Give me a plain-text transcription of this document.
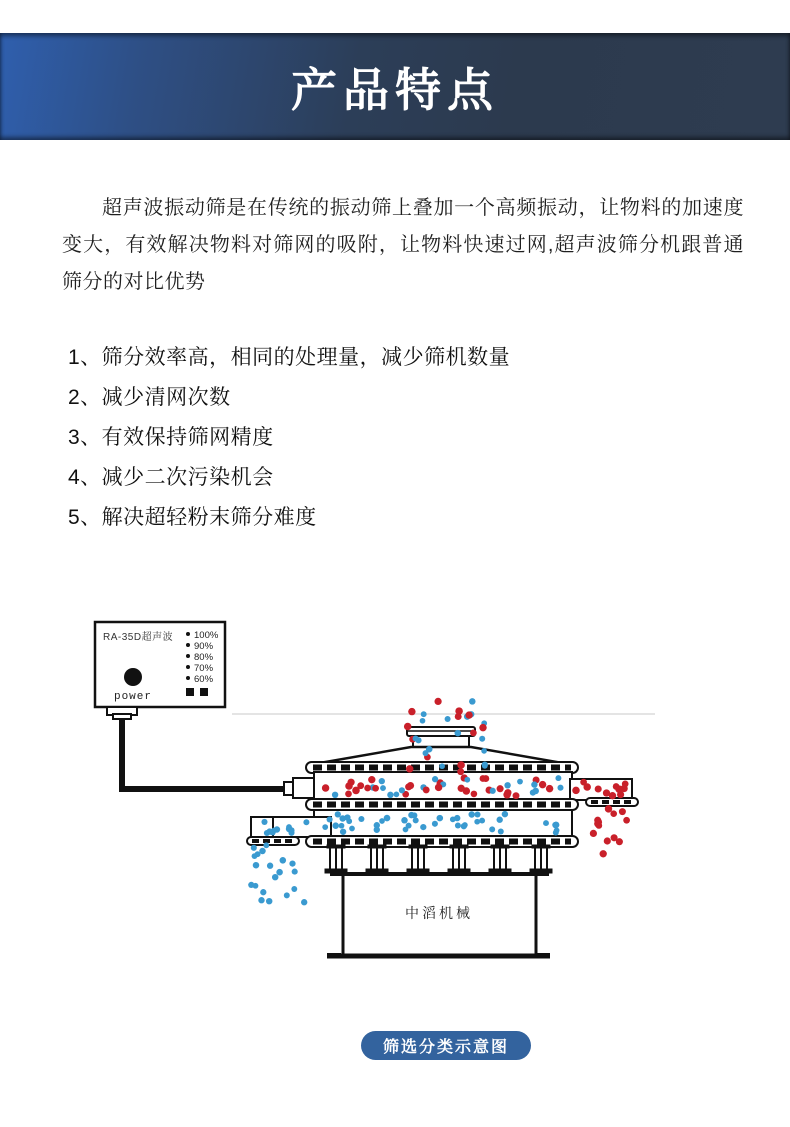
产品特点

超声波振动筛是在传统的振动筛上叠加一个高频振动，让物料的加速度变大，有效解决物料对筛网的吸附，让物料快速过网,超声波筛分机跟普通筛分的对比优势

1、筛分效率高，相同的处理量，减少筛机数量
2、减少清网次数
3、有效保持筛网精度
4、减少二次污染机会
5、解决超轻粉末筛分难度
中滔机械
RA-35D超声波 100%
90%
80%
70%
60%
power
筛选分类示意图
